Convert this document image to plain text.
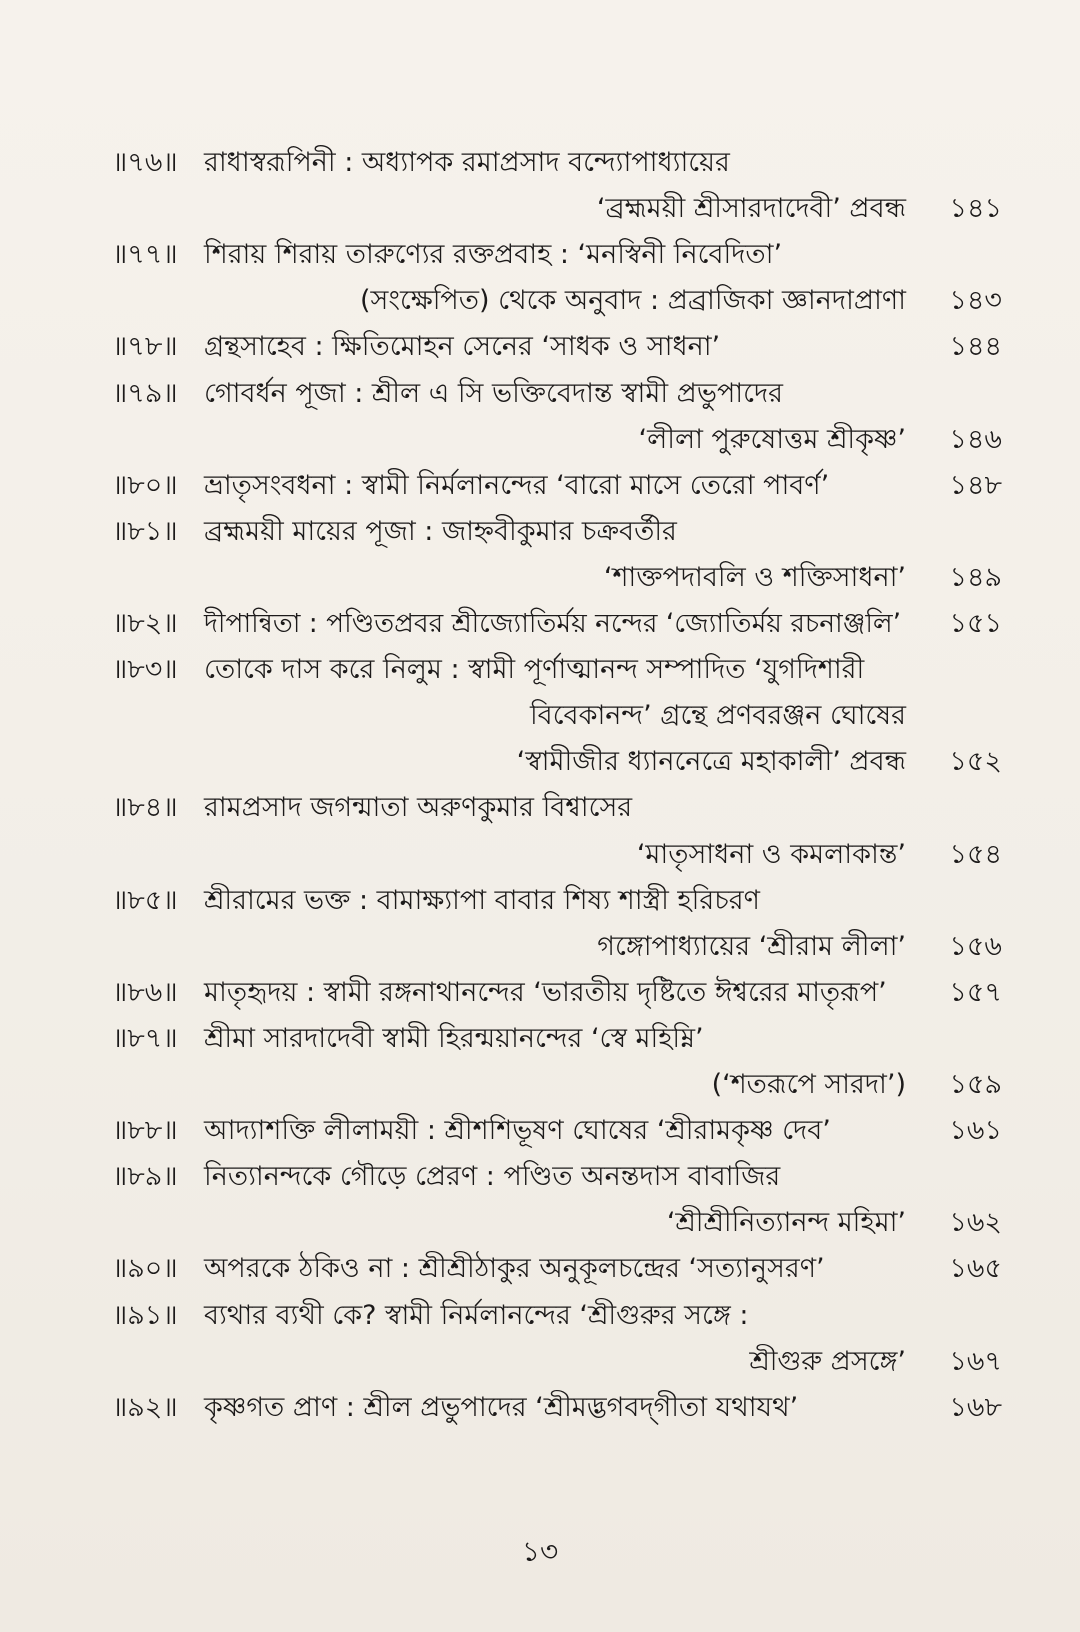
॥৭৬॥ রাধাস্বরূপিনী : অধ্যাপক রমাপ্রসাদ বন্দ্যোপাধ্যায়ের
‘ব্রহ্মময়ী শ্রীসারদাদেবী’ প্রবন্ধ	১৪১
॥৭৭॥ শিরায় শিরায় তারুণ্যের রক্তপ্রবাহ : ‘মনস্বিনী নিবেদিতা’
(সংক্ষেপিত) থেকে অনুবাদ : প্রব্রাজিকা জ্ঞানদাপ্রাণা	১৪৩
॥৭৮॥ গ্রন্থসাহেব : ক্ষিতিমোহন সেনের ‘সাধক ও সাধনা’	১৪৪
॥৭৯॥ গোবর্ধন পূজা : শ্রীল এ সি ভক্তিবেদান্ত স্বামী প্রভুপাদের
‘লীলা পুরুষোত্তম শ্রীকৃষ্ণ’	১৪৬
॥৮০॥ ভ্রাতৃসংবধনা : স্বামী নির্মলানন্দের ‘বারো মাসে তেরো পাবর্ণ’	১৪৮
॥৮১॥ ব্রহ্মময়ী মায়ের পূজা : জাহ্নবীকুমার চক্রবর্তীর
‘শাক্তপদাবলি ও শক্তিসাধনা’	১৪৯
॥৮২॥ দীপান্বিতা : পণ্ডিতপ্রবর শ্রীজ্যোতির্ময় নন্দের ‘জ্যোতির্ময় রচনাঞ্জলি’	১৫১
॥৮৩॥ তোকে দাস করে নিলুম : স্বামী পূর্ণাত্মানন্দ সম্পাদিত ‘যুগদিশারী
বিবেকানন্দ’ গ্রন্থে প্রণবরঞ্জন ঘোষের
‘স্বামীজীর ধ্যাননেত্রে মহাকালী’ প্রবন্ধ	১৫২
॥৮৪॥ রামপ্রসাদ জগন্মাতা অরুণকুমার বিশ্বাসের
‘মাতৃসাধনা ও কমলাকান্ত’	১৫৪
॥৮৫॥ শ্রীরামের ভক্ত : বামাক্ষ্যাপা বাবার শিষ্য শাস্ত্রী হরিচরণ
গঙ্গোপাধ্যায়ের ‘শ্রীরাম লীলা’	১৫৬
॥৮৬॥ মাতৃহৃদয় : স্বামী রঙ্গনাথানন্দের ‘ভারতীয় দৃষ্টিতে ঈশ্বরের মাতৃরূপ’	১৫৭
॥৮৭॥ শ্রীমা সারদাদেবী স্বামী হিরন্ময়ানন্দের ‘স্বে মহিম্নি’
(‘শতরূপে সারদা’)	১৫৯
॥৮৮॥ আদ্যাশক্তি লীলাময়ী : শ্রীশশিভূষণ ঘোষের ‘শ্রীরামকৃষ্ণ দেব’	১৬১
॥৮৯॥ নিত্যানন্দকে গৌড়ে প্রেরণ : পণ্ডিত অনন্তদাস বাবাজির
‘শ্রীশ্রীনিত্যানন্দ মহিমা’	১৬২
॥৯০॥ অপরকে ঠকিও না : শ্রীশ্রীঠাকুর অনুকূলচন্দ্রের ‘সত্যানুসরণ’	১৬৫
॥৯১॥ ব্যথার ব্যথী কে? স্বামী নির্মলানন্দের ‘শ্রীগুরুর সঙ্গে :
শ্রীগুরু প্রসঙ্গে’	১৬৭
॥৯২॥ কৃষ্ণগত প্রাণ : শ্রীল প্রভুপাদের ‘শ্রীমদ্ভগবদ্‌গীতা যথাযথ’	১৬৮
১৩
